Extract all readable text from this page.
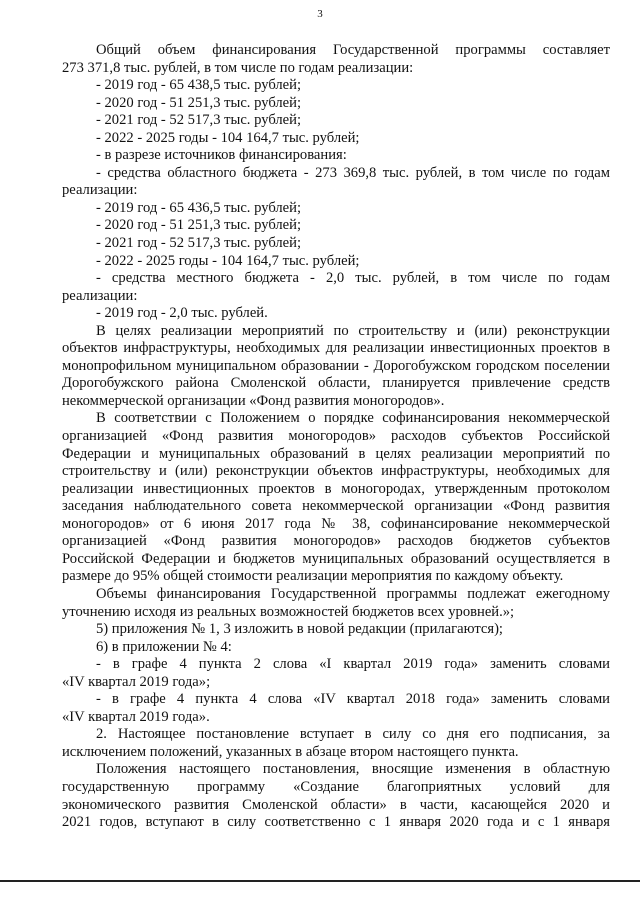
3

Общий объем финансирования Государственной программы составляет

273 371,8 тыс. рублей, в том числе по годам реализации:

- 2019 год - 65 438,5 тыс. рублей;

- 2020 год - 51 251,3 тыс. рублей;

- 2021 год - 52 517,3 тыс. рублей;

- 2022 - 2025 годы - 104 164,7 тыс. рублей;

- в разрезе источников финансирования:

- средства областного бюджета - 273 369,8 тыс. рублей, в том числе по годам

реализации:

- 2019 год - 65 436,5 тыс. рублей;

- 2020 год - 51 251,3 тыс. рублей;

- 2021 год - 52 517,3 тыс. рублей;

- 2022 - 2025 годы - 104 164,7 тыс. рублей;

- средства местного бюджета - 2,0 тыс. рублей, в том числе по годам

реализации:

- 2019 год - 2,0 тыс. рублей.

В целях реализации мероприятий по строительству и (или) реконструкции

объектов инфраструктуры, необходимых для реализации инвестиционных проектов в

монопрофильном муниципальном образовании - Дорогобужском городском поселении

Дорогобужского района Смоленской области, планируется привлечение средств

некоммерческой организации «Фонд развития моногородов».

В соответствии с Положением о порядке софинансирования некоммерческой

организацией «Фонд развития моногородов» расходов субъектов Российской

Федерации и муниципальных образований в целях реализации мероприятий по

строительству и (или) реконструкции объектов инфраструктуры, необходимых для

реализации инвестиционных проектов в моногородах, утвержденным протоколом

заседания наблюдательного совета некоммерческой организации «Фонд развития

моногородов» от 6 июня 2017 года № 38, софинансирование некоммерческой

организацией «Фонд развития моногородов» расходов бюджетов субъектов

Российской Федерации и бюджетов муниципальных образований осуществляется в

размере до 95% общей стоимости реализации мероприятия по каждому объекту.

Объемы финансирования Государственной программы подлежат ежегодному

уточнению исходя из реальных возможностей бюджетов всех уровней.»;

5) приложения № 1, 3 изложить в новой редакции (прилагаются);

6) в приложении № 4:

- в графе 4 пункта 2 слова «I квартал 2019 года» заменить словами

«IV квартал 2019 года»;

- в графе 4 пункта 4 слова «IV квартал 2018 года» заменить словами

«IV квартал 2019 года».

2. Настоящее постановление вступает в силу со дня его подписания, за

исключением положений, указанных в абзаце втором настоящего пункта.

Положения настоящего постановления, вносящие изменения в областную

государственную программу «Создание благоприятных условий для

экономического развития Смоленской области» в части, касающейся 2020 и

2021 годов, вступают в силу соответственно с 1 января 2020 года и с 1 января
